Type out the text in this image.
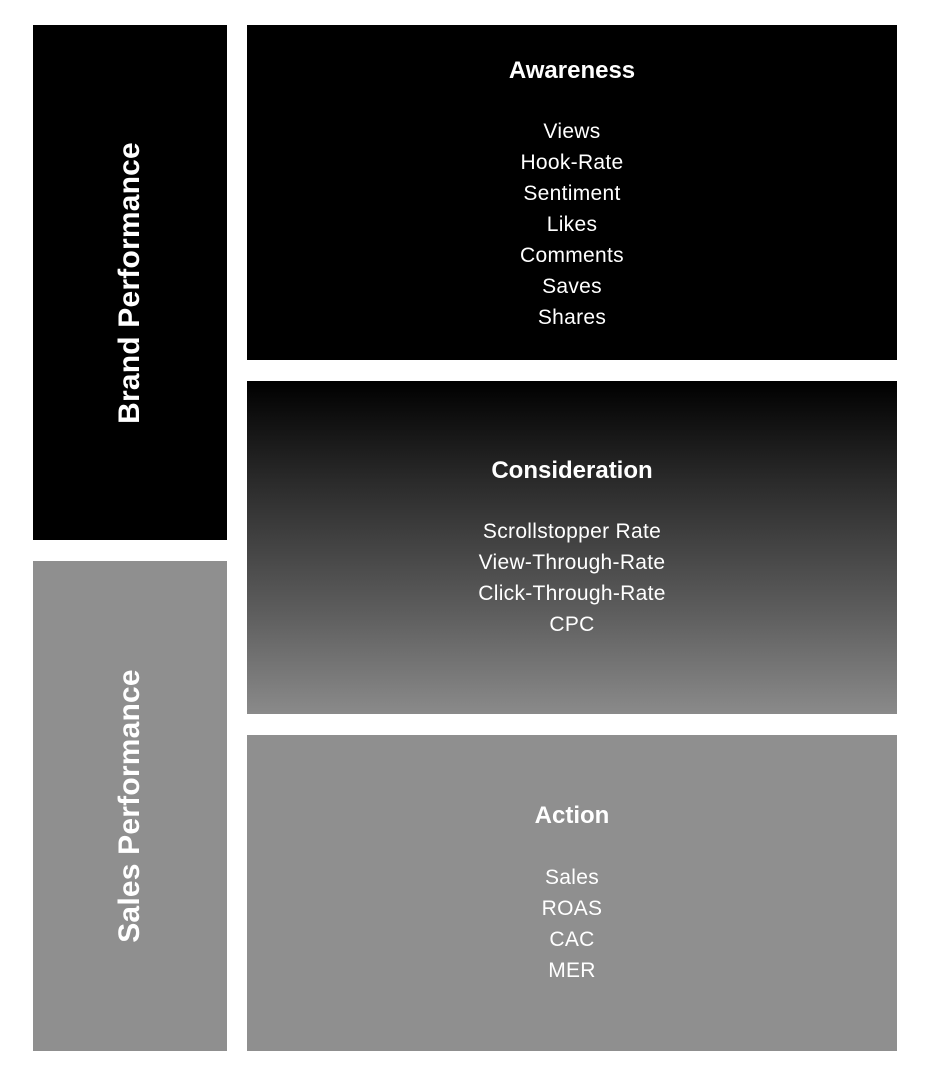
Brand Performance
Sales Performance
Awareness
Views
Hook-Rate
Sentiment
Likes
Comments
Saves
Shares
Consideration
Scrollstopper Rate
View-Through-Rate
Click-Through-Rate
CPC
Action
Sales
ROAS
CAC
MER
